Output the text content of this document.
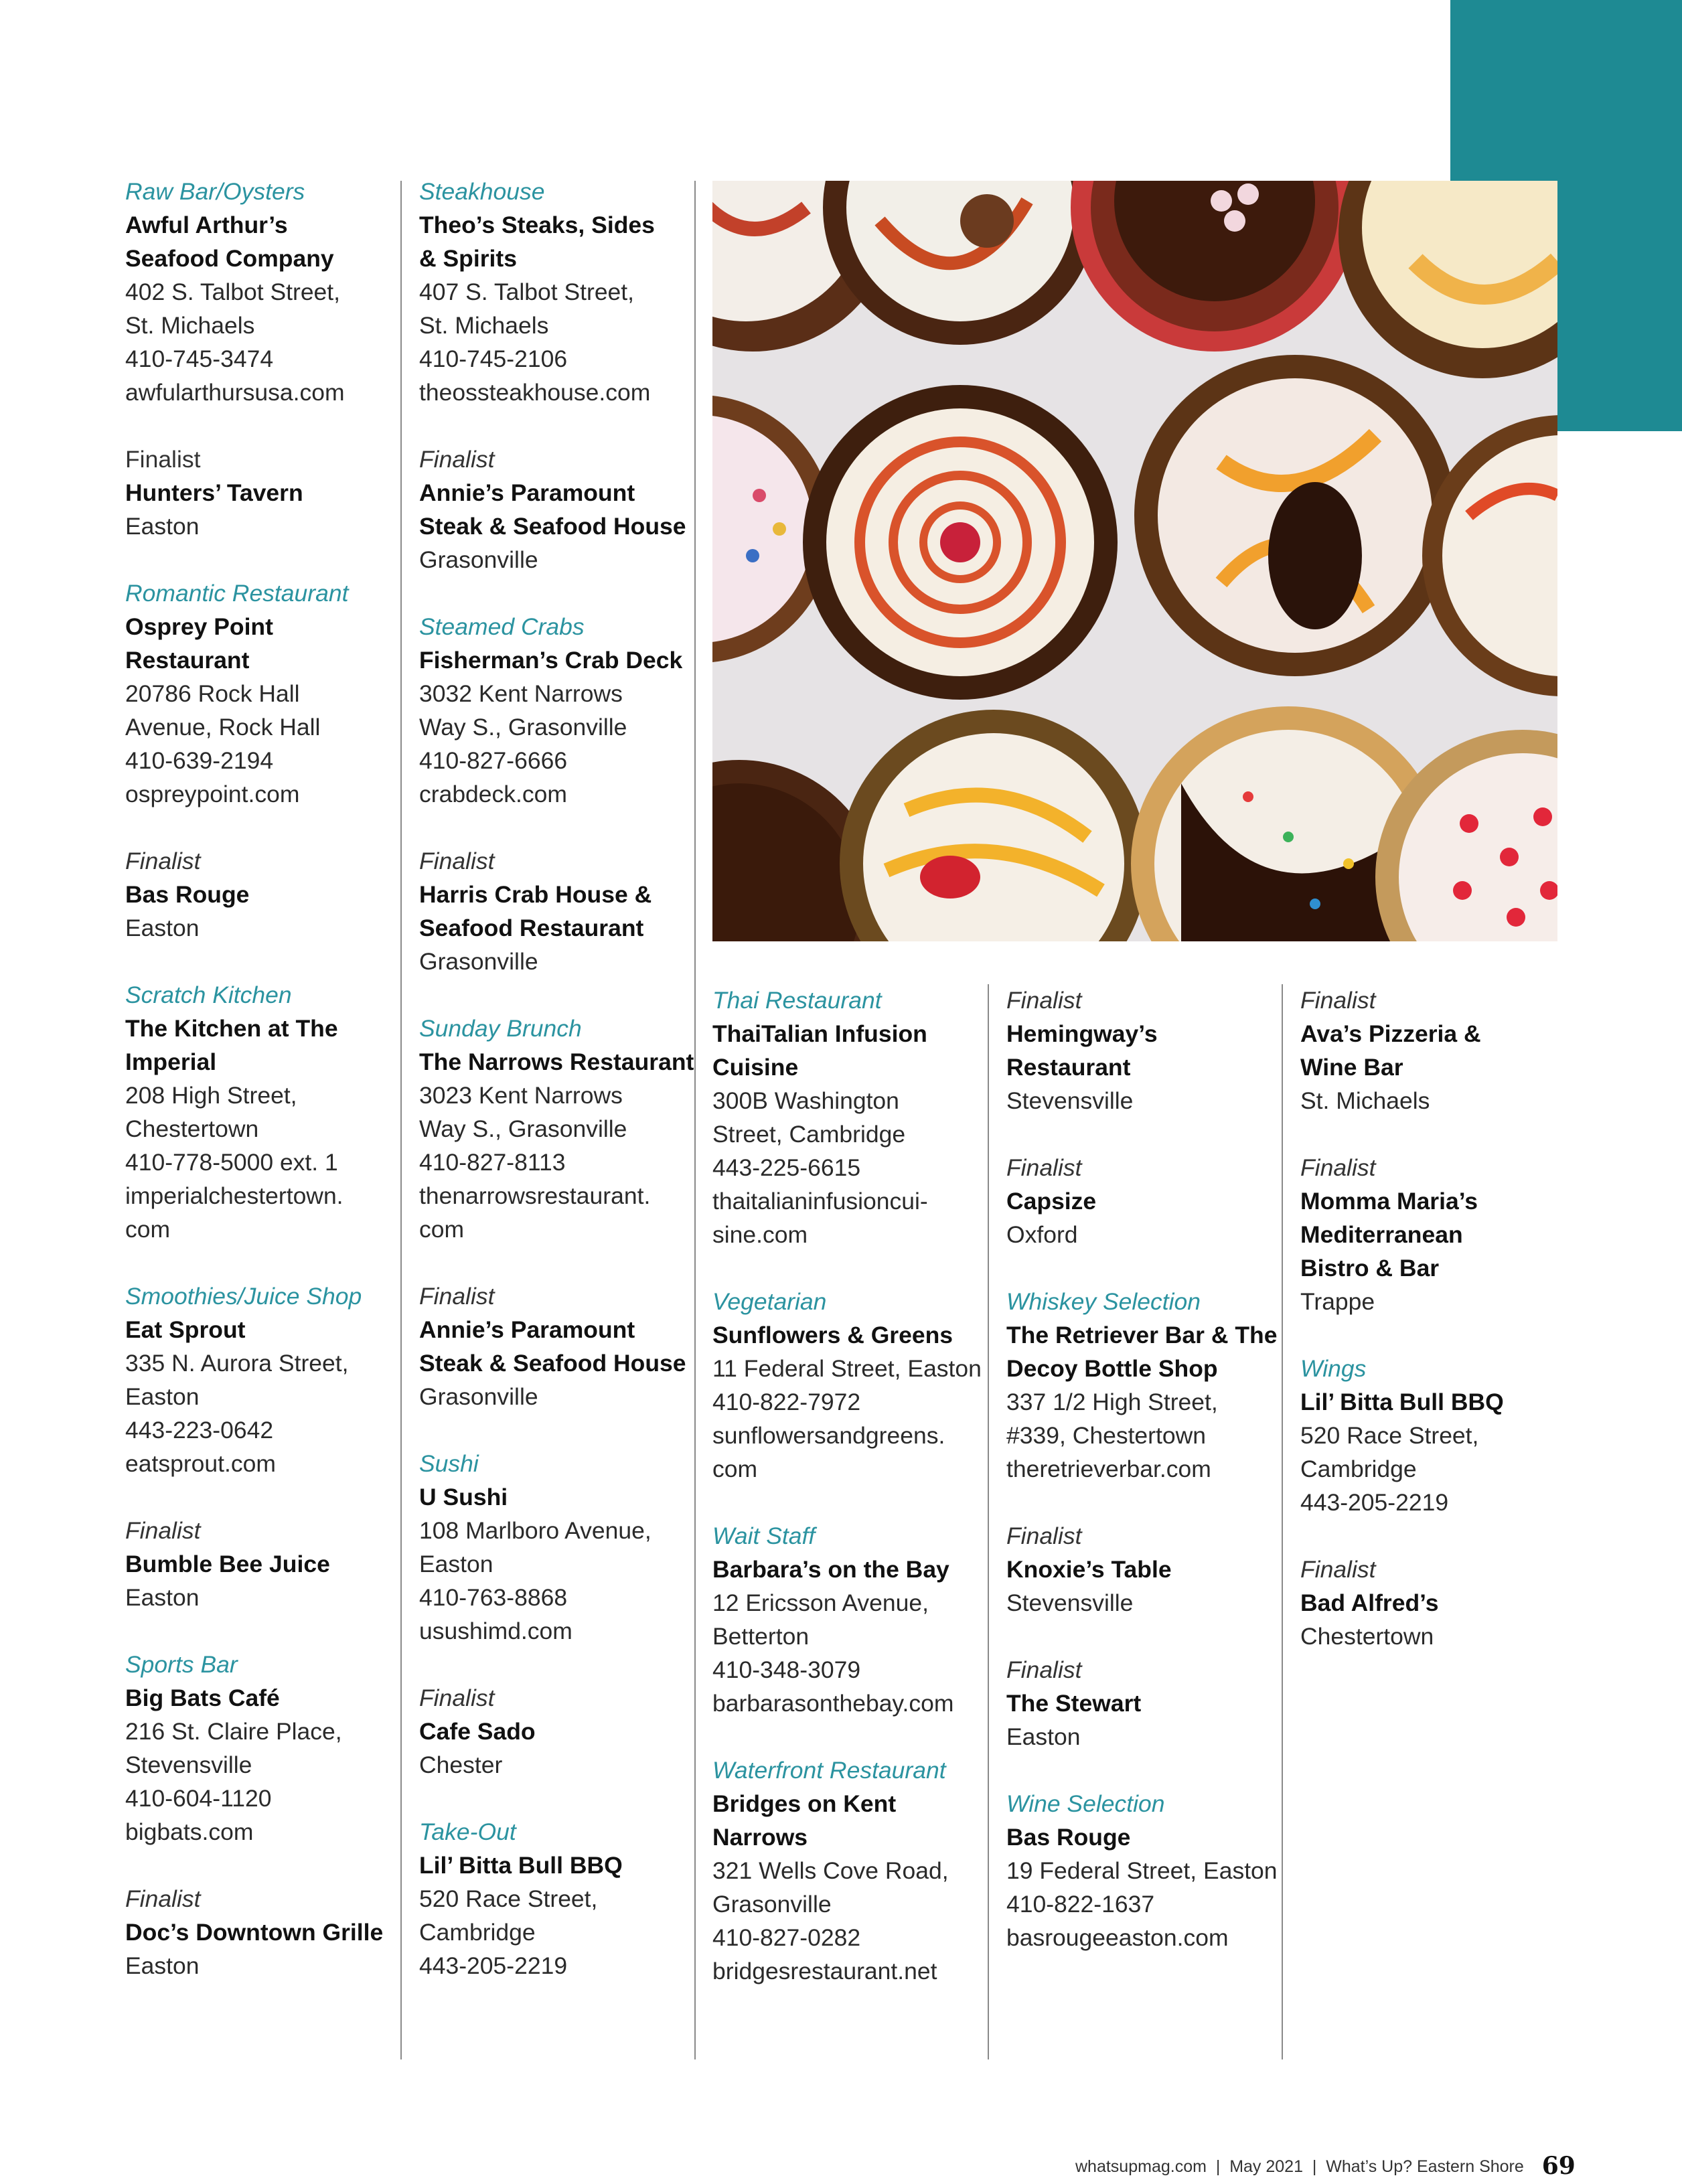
Raw Bar/Oysters
Awful Arthur’s
Seafood Company
402 S. Talbot Street,
St. Michaels
410-745-3474
awfularthursusa.com
Finalist
Hunters’ Tavern
Easton
Romantic Restaurant
Osprey Point
Restaurant
20786 Rock Hall
Avenue, Rock Hall
410-639-2194
ospreypoint.com
Finalist
Bas Rouge
Easton
Scratch Kitchen
The Kitchen at The
Imperial
208 High Street,
Chestertown
410-778-5000 ext. 1
imperialchestertown.
com
Smoothies/Juice Shop
Eat Sprout
335 N. Aurora Street,
Easton
443-223-0642
eatsprout.com
Finalist
Bumble Bee Juice
Easton
Sports Bar
Big Bats Café
216 St. Claire Place,
Stevensville
410-604-1120
bigbats.com
Finalist
Doc’s Downtown Grille
Easton
Steakhouse
Theo’s Steaks, Sides
& Spirits
407 S. Talbot Street,
St. Michaels
410-745-2106
theossteakhouse.com
Finalist
Annie’s Paramount
Steak & Seafood House
Grasonville
Steamed Crabs
Fisherman’s Crab Deck
3032 Kent Narrows
Way S., Grasonville
410-827-6666
crabdeck.com
Finalist
Harris Crab House &
Seafood Restaurant
Grasonville
Sunday Brunch
The Narrows Restaurant
3023 Kent Narrows
Way S., Grasonville
410-827-8113
thenarrowsrestaurant.
com
Finalist
Annie’s Paramount
Steak & Seafood House
Grasonville
Sushi
U Sushi
108 Marlboro Avenue,
Easton
410-763-8868
usushimd.com
Finalist
Cafe Sado
Chester
Take-Out
Lil’ Bitta Bull BBQ
520 Race Street,
Cambridge
443-205-2219
Thai Restaurant
ThaiTalian Infusion
Cuisine
300B Washington
Street, Cambridge
443-225-6615
thaitalianinfusioncui-
sine.com
Vegetarian
Sunflowers & Greens
11 Federal Street, Easton
410-822-7972
sunflowersandgreens.
com
Wait Staff
Barbara’s on the Bay
12 Ericsson Avenue,
Betterton
410-348-3079
barbarasonthebay.com
Waterfront Restaurant
Bridges on Kent
Narrows
321 Wells Cove Road,
Grasonville
410-827-0282
bridgesrestaurant.net
Finalist
Hemingway’s
Restaurant
Stevensville
Finalist
Capsize
Oxford
Whiskey Selection
The Retriever Bar & The
Decoy Bottle Shop
337 1/2 High Street,
#339, Chestertown
theretrieverbar.com
Finalist
Knoxie’s Table
Stevensville
Finalist
The Stewart
Easton
Wine Selection
Bas Rouge
19 Federal Street, Easton
410-822-1637
basrougeeaston.com
Finalist
Ava’s Pizzeria &
Wine Bar
St. Michaels
Finalist
Momma Maria’s
Mediterranean
Bistro & Bar
Trappe
Wings
Lil’ Bitta Bull BBQ
520 Race Street,
Cambridge
443-205-2219
Finalist
Bad Alfred’s
Chestertown
whatsupmag.com  |  May 2021  |  What’s Up? Eastern Shore 69
